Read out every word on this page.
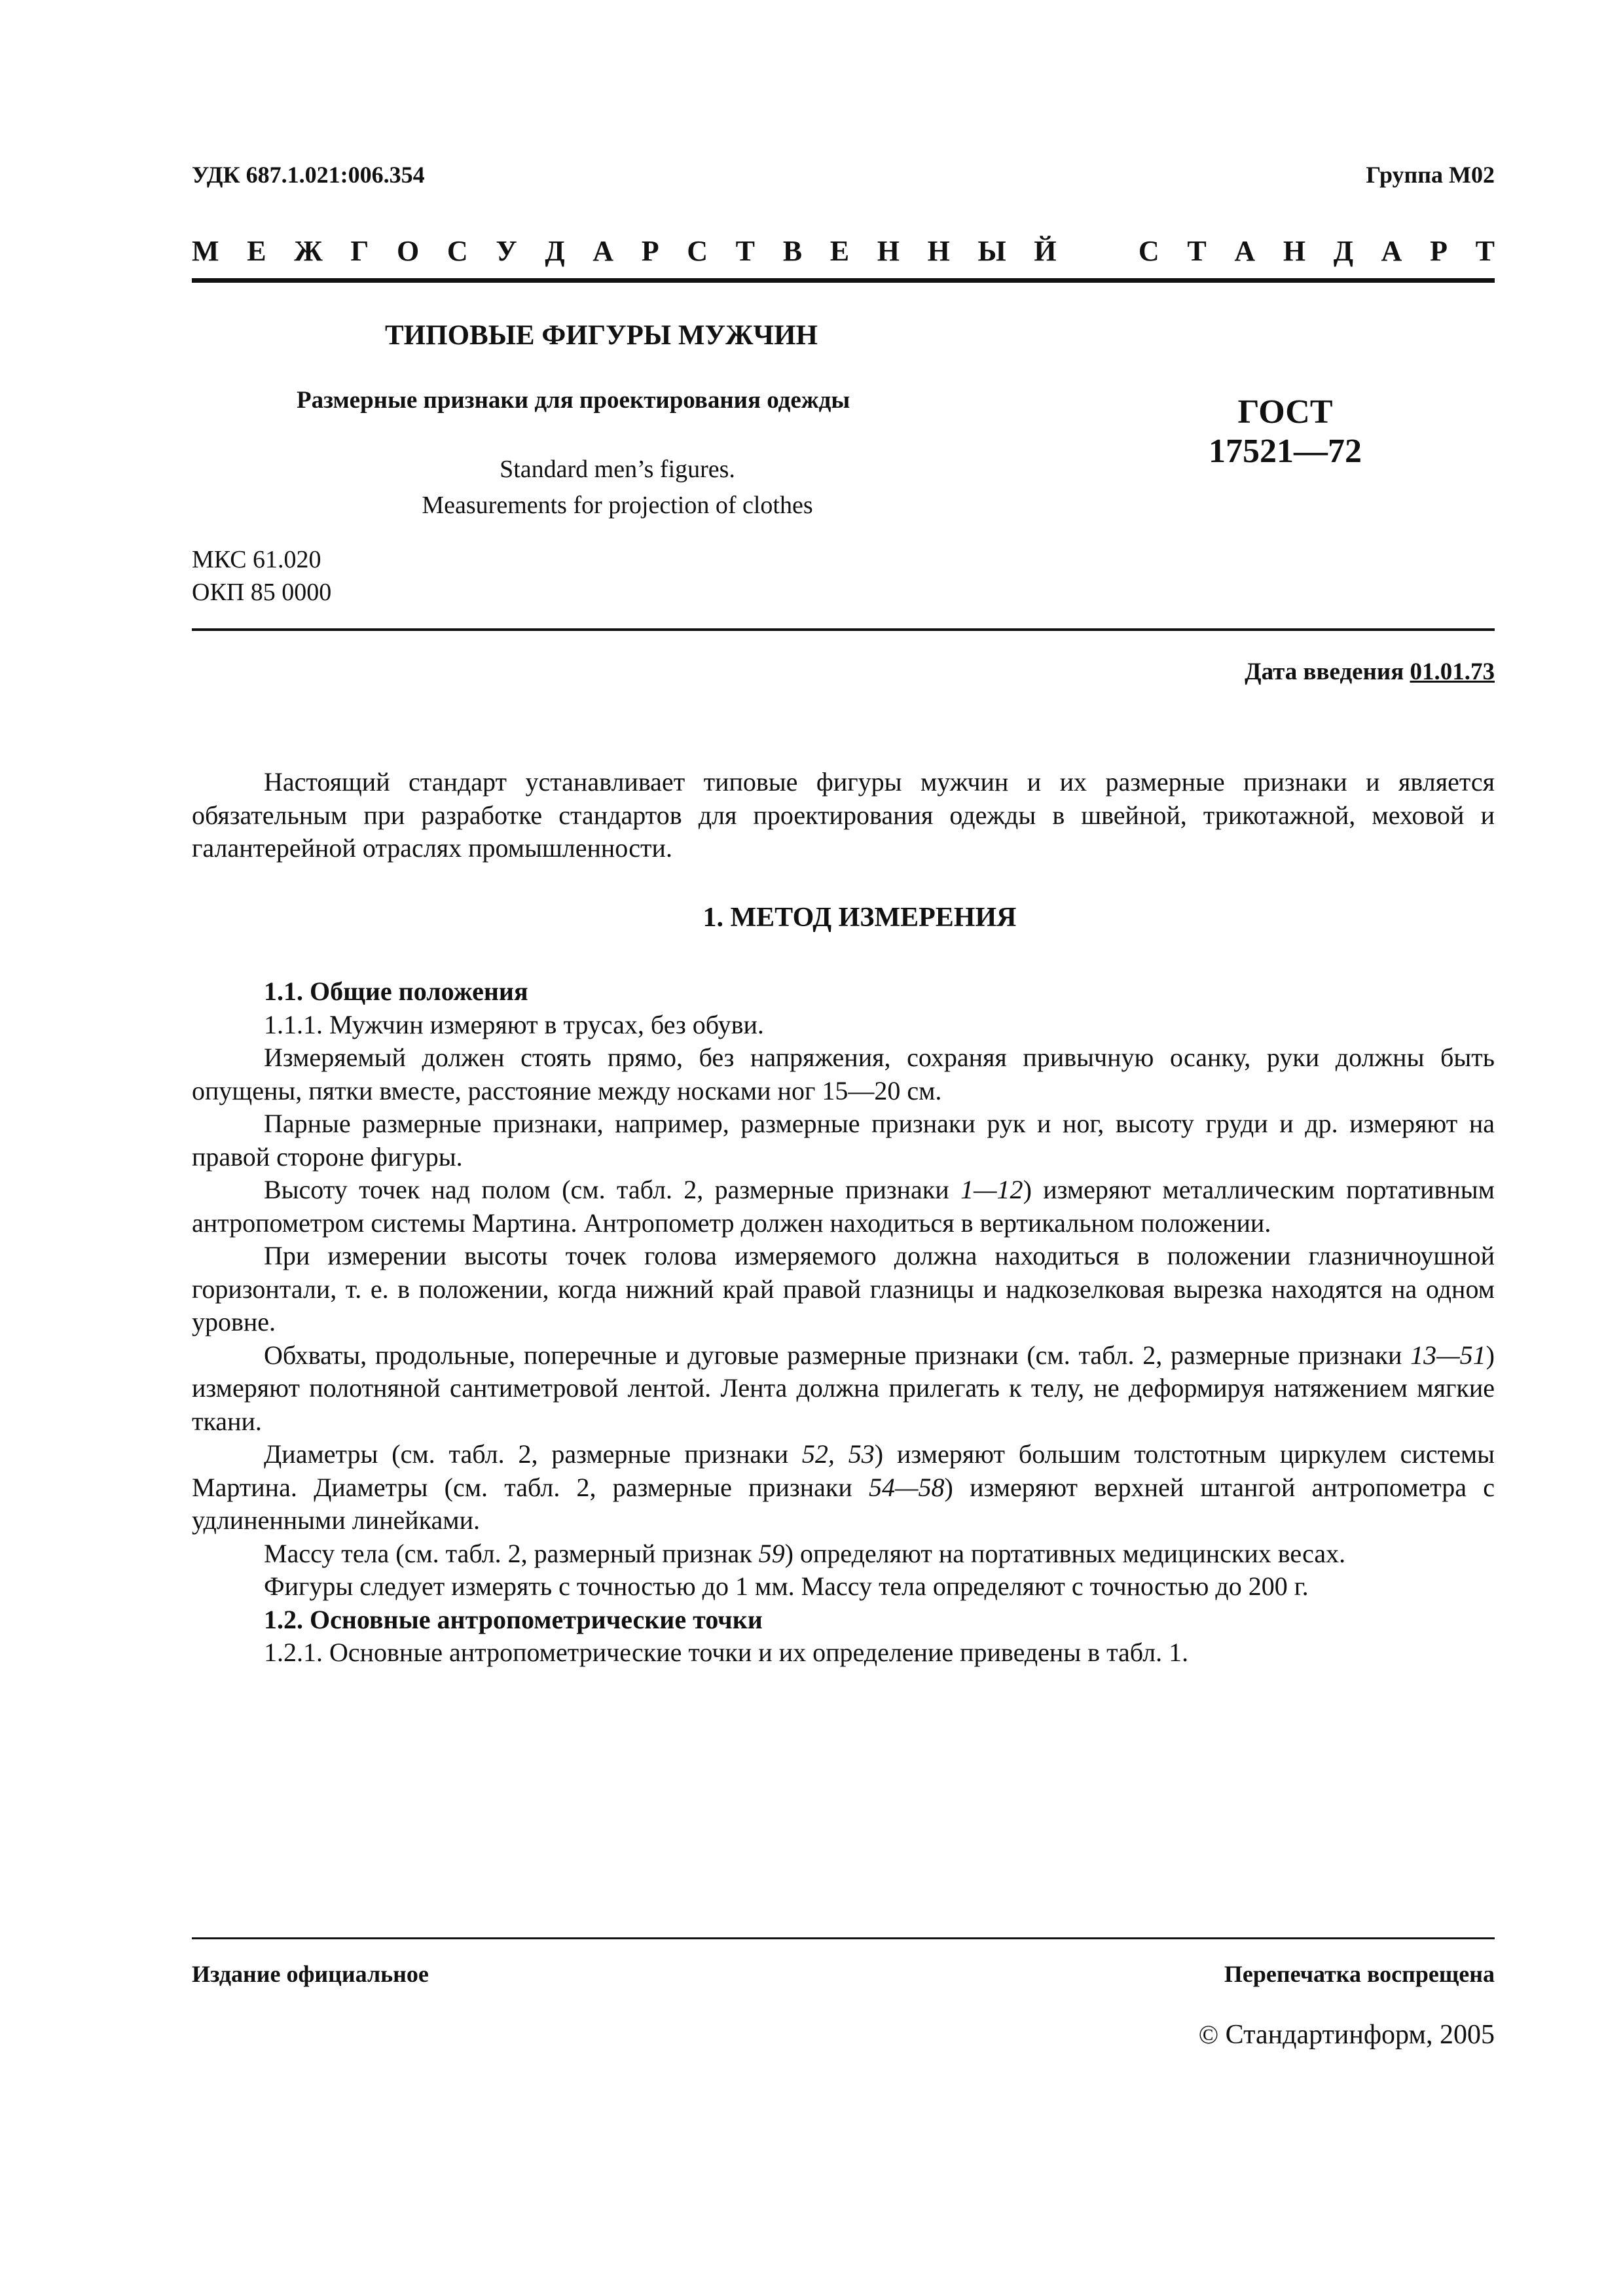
УДК 687.1.021:006.354	Группа М02
М Е Ж Г О С У Д А Р С Т В Е Н Н Ы Й	С Т А Н Д А Р Т
ТИПОВЫЕ ФИГУРЫ МУЖЧИН
Размерные признаки для проектирования одежды
Standard men’s figures.
Measurements for projection of clothes
ГОСТ
17521—72
МКС 61.020
ОКП 85 0000
Дата введения 01.01.73

Настоящий стандарт устанавливает типовые фигуры мужчин и их размерные признаки и является обязательным при разработке стандартов для проектирования одежды в швейной, трикотажной, меховой и галантерейной отраслях промышленности.

1. МЕТОД ИЗМЕРЕНИЯ

1.1. Общие положения

1.1.1. Мужчин измеряют в трусах, без обуви.

Измеряемый должен стоять прямо, без напряжения, сохраняя привычную осанку, руки должны быть опущены, пятки вместе, расстояние между носками ног 15—20 см.

Парные размерные признаки, например, размерные признаки рук и ног, высоту груди и др. измеряют на правой стороне фигуры.

Высоту точек над полом (см. табл. 2, размерные признаки 1—12) измеряют металлическим портативным антропометром системы Мартина. Антропометр должен находиться в вертикальном положении.

При измерении высоты точек голова измеряемого должна находиться в положении глазничноушной горизонтали, т. е. в положении, когда нижний край правой глазницы и надкозелковая вырезка находятся на одном уровне.

Обхваты, продольные, поперечные и дуговые размерные признаки (см. табл. 2, размерные признаки 13—51) измеряют полотняной сантиметровой лентой. Лента должна прилегать к телу, не деформируя натяжением мягкие ткани.

Диаметры (см. табл. 2, размерные признаки 52, 53) измеряют большим толстотным циркулем системы Мартина. Диаметры (см. табл. 2, размерные признаки 54—58) измеряют верхней штангой антропометра с удлиненными линейками.

Массу тела (см. табл. 2, размерный признак 59) определяют на портативных медицинских весах.

Фигуры следует измерять с точностью до 1 мм. Массу тела определяют с точностью до 200 г.

1.2. Основные антропометрические точки

1.2.1. Основные антропометрические точки и их определение приведены в табл. 1.

Издание официальное	Перепечатка воспрещена
© Стандартинформ, 2005
